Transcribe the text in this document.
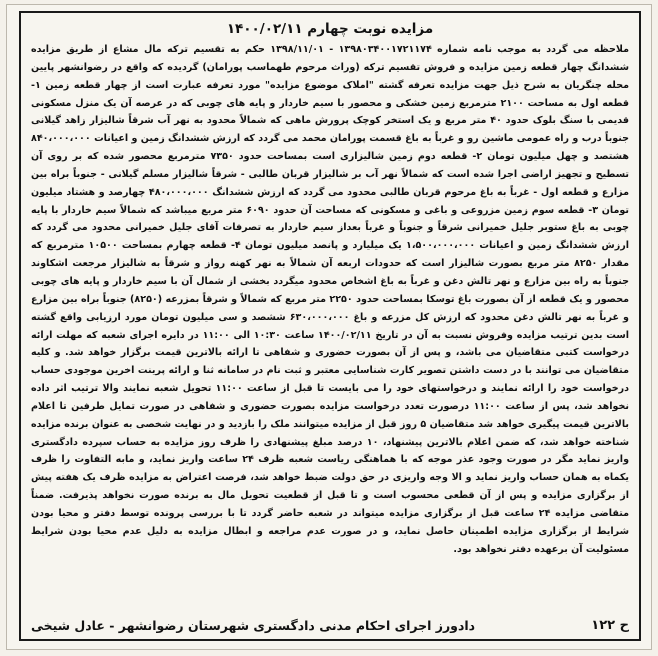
مزایده نوبت چهارم ۱۴۰۰/۰۲/۱۱

ملاحظه می گردد به موجب نامه شماره ۱۳۹۸۰۳۴۰۰۱۷۲۱۱۷۴ - ۱۳۹۸/۱۱/۰۱ حکم به تقسیم ترکه مال مشاع از طریق مزایده ششدانگ چهار قطعه زمین مزایده و فروش تقسیم ترکه (وراث مرحوم طهماسب پورامان) گردیده که واقع در رضوانشهر پایین محله چنگریان به شرح ذیل جهت مزایده تعرفه گشته "املاک موضوع مزایده" مورد تعرفه عبارت است از چهار قطعه زمین ۱- قطعه اول به مساحت ۲۱۰۰ مترمربع زمین خشکی و محصور با سیم خاردار و پایه های چوبی که در عرصه آن یک منزل مسکونی قدیمی با سنگ بلوک حدود ۴۰ متر مربع و یک استخر کوچک پرورش ماهی که شمالاً محدود به نهر آب شرقاً شالیزار زاهد گیلانی جنوباً درب و راه عمومی ماشین رو و غرباً به باغ قسمت پورامان محمد می گردد که ارزش ششدانگ زمین و اعیانات ۸۴۰،۰۰۰،۰۰۰ هشتصد و چهل میلیون تومان ۲- قطعه دوم زمین شالیزاری است بمساحت حدود ۷۳۵۰ مترمربع محصور شده که بر روی آن تسطیح و تجهیز اراضی اجرا شده است که شمالاً نهر آب بر شالیزار قربان طالبی - شرقاً شالیزار مسلم گیلانی - جنوباً براه بین مزارع و قطعه اول - غرباً به باغ مرحوم قربان طالبی محدود می گردد که ارزش ششدانگ ۴۸۰،۰۰۰،۰۰۰ چهارصد و هشتاد میلیون تومان ۳- قطعه سوم زمین مزروعی و باغی و مسکونی که مساحت آن حدود ۶۰۹۰ متر مربع میباشد که شمالاً سیم خاردار با پایه چوبی به باغ ستوبر جلیل خمیرانی شرقاً و جنوباً و غرباً بعداز سیم خاردار به تصرفات آقای جلیل خمیرانی محدود می گردد که ارزش ششدانگ زمین و اعیانات ۱،۵۰۰،۰۰۰،۰۰۰ یک میلیارد و پانصد میلیون تومان ۴- قطعه چهارم بمساحت ۱۰۵۰۰ مترمربع که مقدار ۸۲۵۰ متر مربع بصورت شالیزار است که حدودات اربعه آن شمالاً به نهر کهنه رواز و شرقاً به شالیزار مرجعت اشکاوند جنوباً به راه بین مزارع و نهر تالش دغن و غرباً به باغ اشخاص محدود میگردد بخشی از شمال آن با سیم خاردار و پایه های چوبی محصور و یک قطعه از آن بصورت باغ توسکا بمساحت حدود ۲۲۵۰ متر مربع که شمالاً و شرقاً بمزرعه (۸۲۵۰) جنوباً براه بین مزارع و غرباً به نهر تالش دغن محدود که ارزش کل مزرعه و باغ ۶۳۰،۰۰۰،۰۰۰ ششصد و سی میلیون تومان مورد ارزیابی واقع گشته است بدین ترتیب مزایده وفروش نسبت به آن در تاریخ ۱۴۰۰/۰۲/۱۱ ساعت ۱۰:۳۰ الی ۱۱:۰۰ در دایره اجرای شعبه که مهلت ارائه درخواست کتبی متقاضیان می باشد، و پس از آن بصورت حضوری و شفاهی تا ارائه بالاترین قیمت برگزار خواهد شد. و کلیه متقاضیان می توانند با در دست داشتن تصویر کارت شناسایی معتبر و ثبت نام در سامانه ثنا و ارائه پرینت اخرین موجودی حساب درخواست خود را ارائه نمایند و درخواستهای خود را می بایست تا قبل از ساعت ۱۱:۰۰ تحویل شعبه نمایند والا ترتیب اثر داده نخواهد شد، پس از ساعت ۱۱:۰۰ درصورت تعدد درخواست مزایده بصورت حضوری و شفاهی در صورت تمایل طرفین تا اعلام بالاترین قیمت پیگیری خواهد شد متقاضیان ۵ روز قبل از مزایده میتوانند ملک را بازدید و در نهایت شخصی به عنوان برنده مزایده شناخته خواهد شد، که ضمن اعلام بالاترین پیشنهاد، ۱۰ درصد مبلغ پیشنهادی را ظرف روز مزایده به حساب سپرده دادگستری واریز نماید مگر در صورت وجود عذر موجه که با هماهنگی ریاست شعبه ظرف ۲۴ ساعت واریز نماید، و مابه التفاوت را ظرف یکماه به همان حساب واریز نماید و الا وجه واریزی در حق دولت ضبط خواهد شد، فرصت اعتراض به مزایده ظرف یک هفته پیش از برگزاری مزایده و پس از آن قطعی محسوب است و تا قبل از قطعیت تحویل مال به برنده صورت نخواهد پذیرفت. ضمناً متقاضی مزایده ۲۴ ساعت قبل از برگزاری مزایده میتواند در شعبه حاضر گردد تا با بررسی پرونده توسط دفتر و محیا بودن شرایط از برگزاری مزایده اطمینان حاصل نماید، و در صورت عدم مراجعه و ابطال مزایده به دلیل عدم محیا بودن شرایط مسئولیت آن برعهده دفتر نخواهد بود.

ح ۱۲۲
دادورز اجرای احکام مدنی دادگستری شهرستان رضوانشهر - عادل شیخی
